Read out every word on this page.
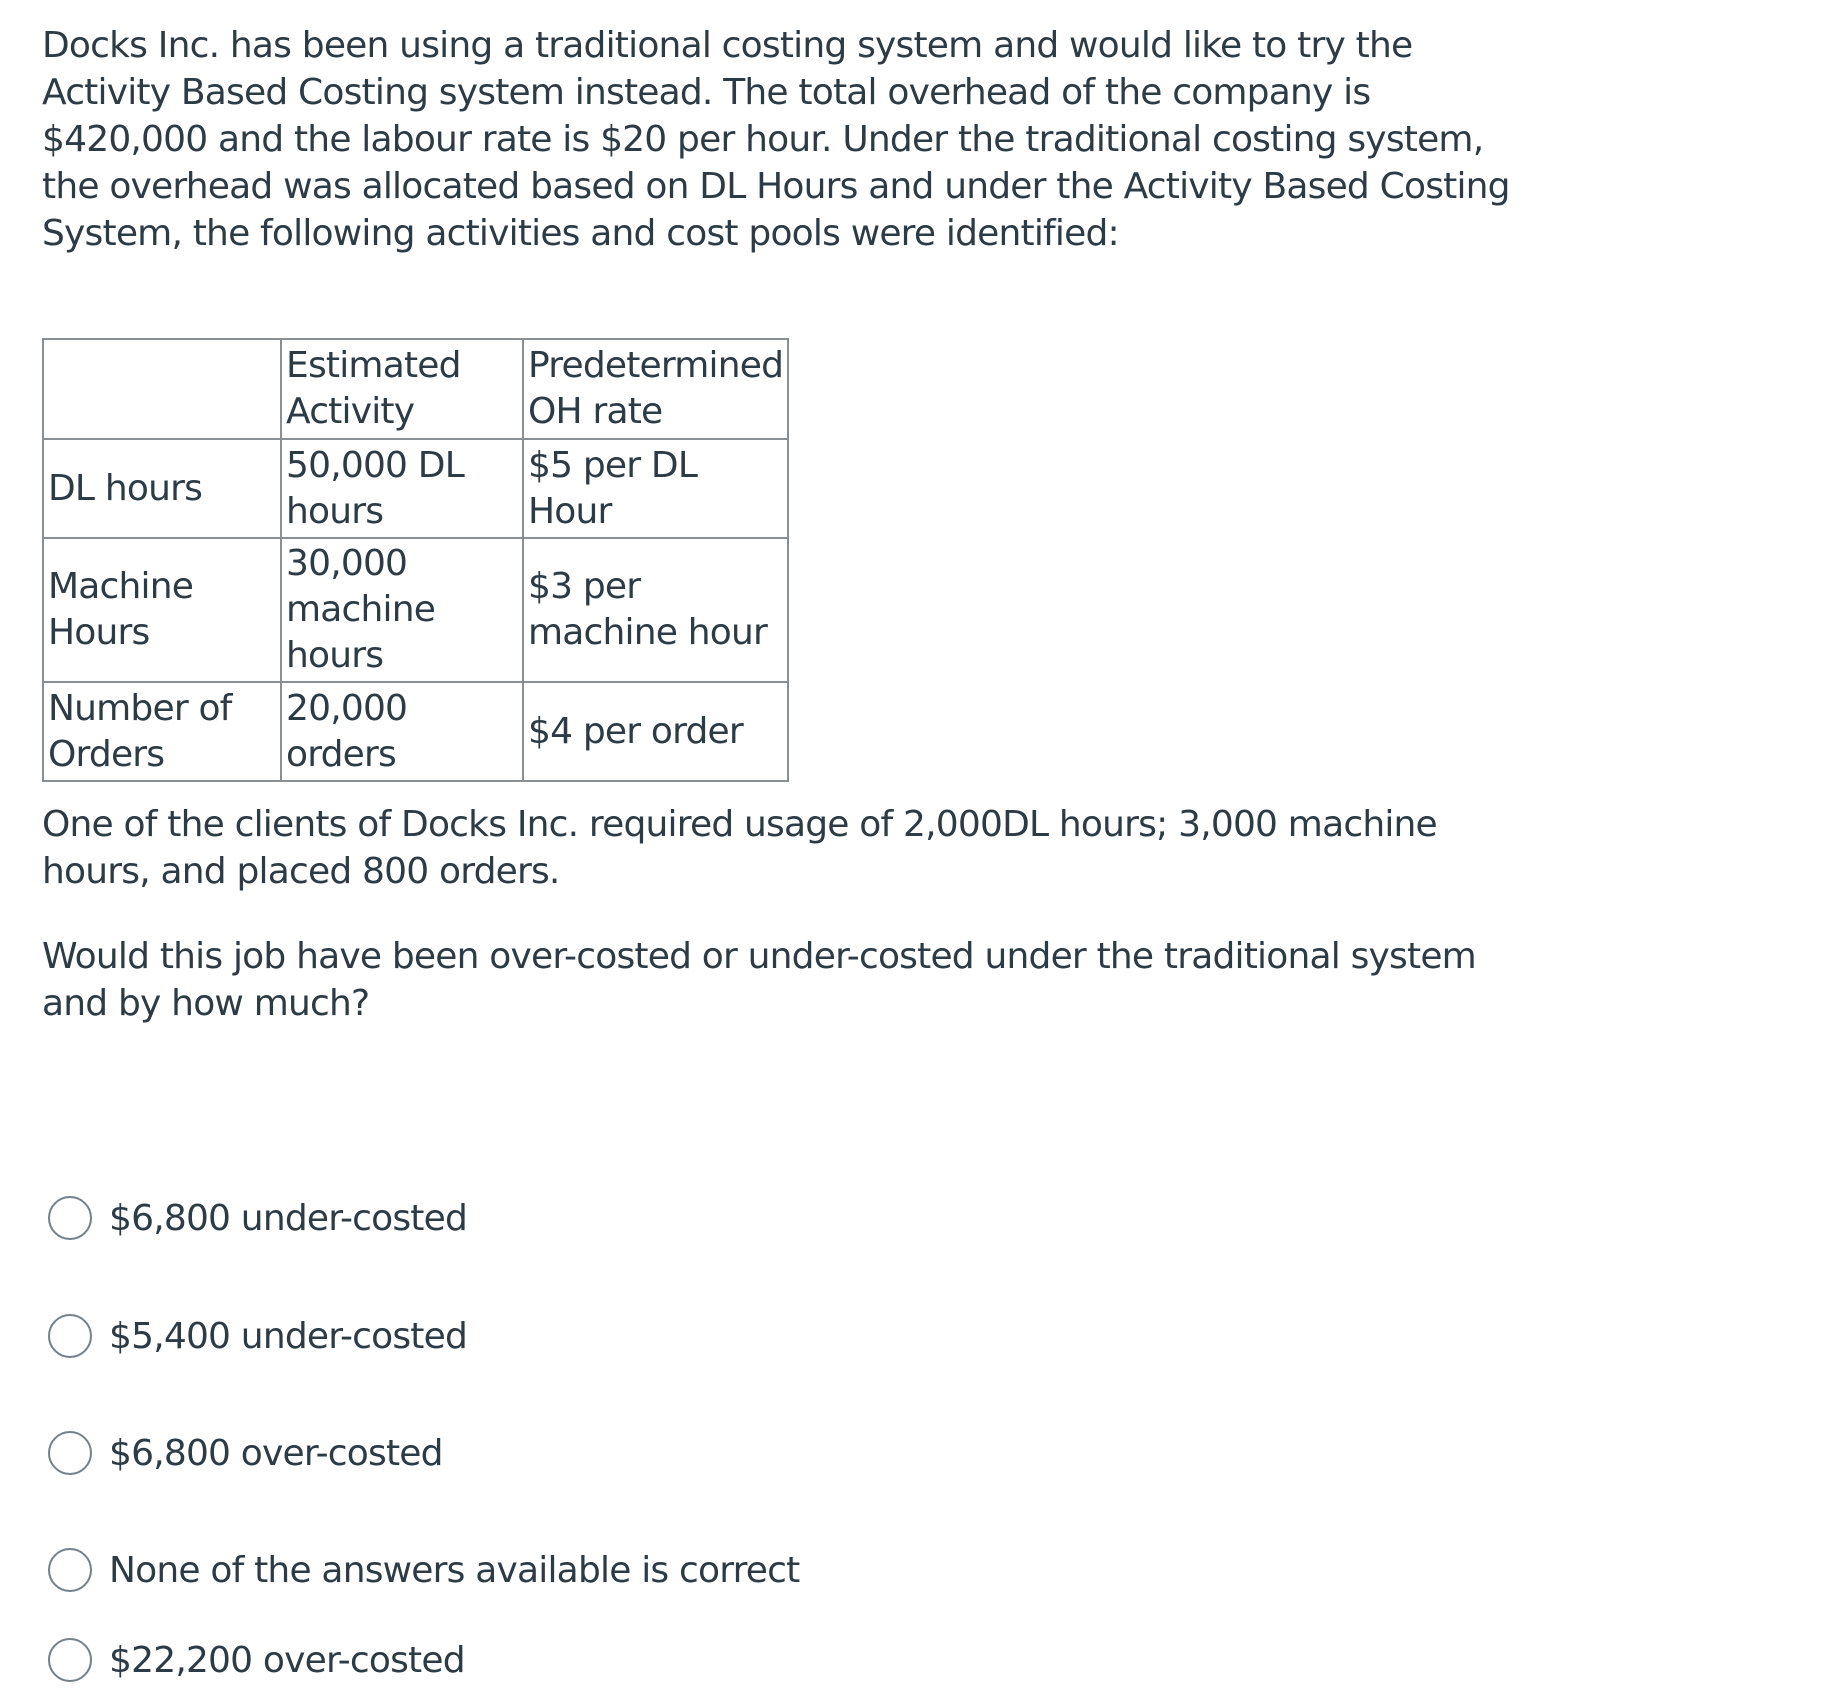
Docks Inc. has been using a traditional costing system and would like to try the Activity Based Costing system instead. The total overhead of the company is $420,000 and the labour rate is $20 per hour. Under the traditional costing system, the overhead was allocated based on DL Hours and under the Activity Based Costing System, the following activities and cost pools were identified:

	Estimated Activity	Predetermined OH rate
DL hours	50,000 DL hours	$5 per DL Hour
Machine Hours	30,000 machine hours	$3 per machine hour
Number of Orders	20,000 orders	$4 per order

One of the clients of Docks Inc. required usage of 2,000DL hours; 3,000 machine hours, and placed 800 orders.

Would this job have been over-costed or under-costed under the traditional system and by how much?

$6,800 under-costed
$5,400 under-costed
$6,800 over-costed
None of the answers available is correct
$22,200 over-costed
